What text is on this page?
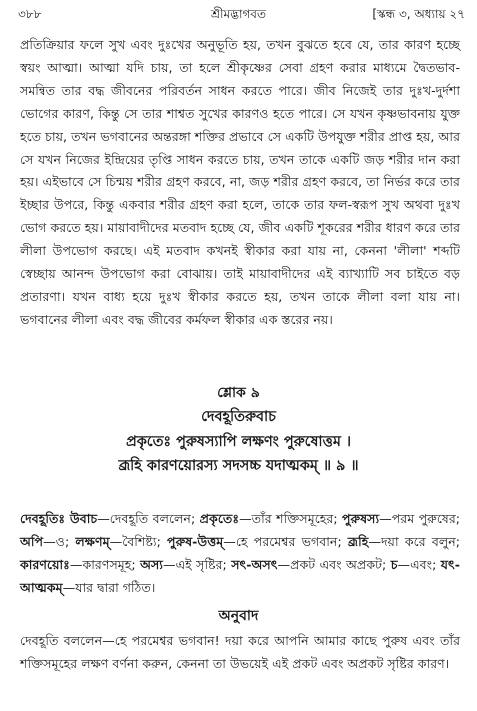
৩৮৮	শ্রীমদ্ভাগবত	[স্কন্ধ ৩, অধ্যায় ২৭

প্রতিক্রিয়ার ফলে সুখ এবং দুঃখের অনুভূতি হয়, তখন বুঝতে হবে যে, তার কারণ হচ্ছে স্বয়ং আত্মা। আত্মা যদি চায়, তা হলে শ্রীকৃষ্ণের সেবা গ্রহণ করার মাধ্যমে দ্বৈতভাব-সমন্বিত তার বদ্ধ জীবনের পরিবর্তন সাধন করতে পারে। জীব নিজেই তার দুঃখ-দুর্দশা ভোগের কারণ, কিন্তু সে তার শাশ্বত সুখের কারণও হতে পারে। সে যখন কৃষ্ণভাবনায় যুক্ত হতে চায়, তখন ভগবানের অন্তরঙ্গা শক্তির প্রভাবে সে একটি উপযুক্ত শরীর প্রাপ্ত হয়, আর সে যখন নিজের ইন্দ্রিয়ের তৃপ্তি সাধন করতে চায়, তখন তাকে একটি জড় শরীর দান করা হয়। এইভাবে সে চিন্ময় শরীর গ্রহণ করবে, না, জড় শরীর গ্রহণ করবে, তা নির্ভর করে তার ইচ্ছার উপরে, কিন্তু একবার শরীর গ্রহণ করা হলে, তাকে তার ফল-স্বরূপ সুখ অথবা দুঃখ ভোগ করতে হয়। মায়াবাদীদের মতবাদ হচ্ছে যে, জীব একটি শূকরের শরীর ধারণ করে তার লীলা উপভোগ করছে। এই মতবাদ কখনই স্বীকার করা যায় না, কেননা 'লীলা' শব্দটি স্বেচ্ছায় আনন্দ উপভোগ করা বোঝায়। তাই মায়াবাদীদের এই ব্যাখ্যাটি সব চাইতে বড় প্রতারণা। যখন বাধ্য হয়ে দুঃখ স্বীকার করতে হয়, তখন তাকে লীলা বলা যায় না। ভগবানের লীলা এবং বদ্ধ জীবের কর্মফল স্বীকার এক স্তরের নয়।

শ্লোক ৯
দেবহূতিরুবাচ
প্রকৃতেঃ পুরুষস্যাপি লক্ষণং পুরুষোত্তম ।
ব্রূহি কারণয়োরস্য সদসচ্চ যদাত্মকম্ ॥ ৯ ॥

দেবহূতিঃ উবাচ—দেবহূতি বললেন; প্রকৃতেঃ—তাঁর শক্তিসমূহের; পুরুষস্য—পরম পুরুষের; অপি—ও; লক্ষণম্—বৈশিষ্ট্য; পুরুষ-উত্তম্—হে পরমেশ্বর ভগবান; ব্রূহি—দয়া করে বলুন; কারণয়োঃ—কারণসমূহ; অস্য—এই সৃষ্টির; সৎ-অসৎ—প্রকট এবং অপ্রকট; চ—এবং; যৎ-আত্মকম্—যার দ্বারা গঠিত।

অনুবাদ

দেবহূতি বললেন—হে পরমেশ্বর ভগবান! দয়া করে আপনি আমার কাছে পুরুষ এবং তাঁর শক্তিসমূহের লক্ষণ বর্ণনা করুন, কেননা তা উভয়েই এই প্রকট এবং অপ্রকট সৃষ্টির কারণ।
